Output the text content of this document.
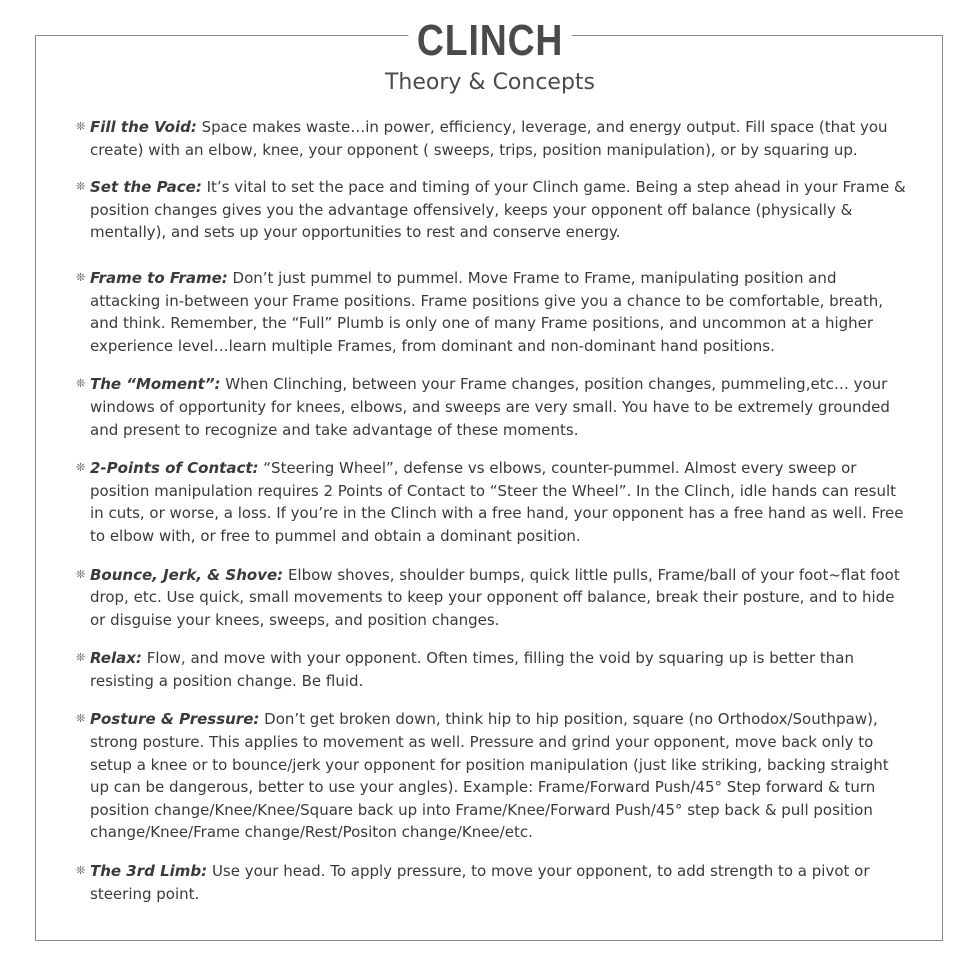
CLINCH
Theory & Concepts
❊ Fill the Void: Space makes waste…in power, efficiency, leverage, and energy output. Fill space (that you create) with an elbow, knee, your opponent ( sweeps, trips, position manipulation), or by squaring up.
❊ Set the Pace: It’s vital to set the pace and timing of your Clinch game. Being a step ahead in your Frame & position changes gives you the advantage offensively, keeps your opponent off balance (physically & mentally), and sets up your opportunities to rest and conserve energy.
❊ Frame to Frame: Don’t just pummel to pummel. Move Frame to Frame, manipulating position and attacking in-between your Frame positions. Frame positions give you a chance to be comfortable, breath, and think. Remember, the “Full” Plumb is only one of many Frame positions, and uncommon at a higher experience level…learn multiple Frames, from dominant and non-dominant hand positions.
❊ The “Moment”: When Clinching, between your Frame changes, position changes, pummeling,etc… your windows of opportunity for knees, elbows, and sweeps are very small. You have to be extremely grounded and present to recognize and take advantage of these moments.
❊ 2-Points of Contact: “Steering Wheel”, defense vs elbows, counter-pummel. Almost every sweep or position manipulation requires 2 Points of Contact to “Steer the Wheel”. In the Clinch, idle hands can result in cuts, or worse, a loss. If you’re in the Clinch with a free hand, your opponent has a free hand as well. Free to elbow with, or free to pummel and obtain a dominant position.
❊ Bounce, Jerk, & Shove: Elbow shoves, shoulder bumps, quick little pulls, Frame/ball of your foot~flat foot drop, etc. Use quick, small movements to keep your opponent off balance, break their posture, and to hide or disguise your knees, sweeps, and position changes.
❊ Relax: Flow, and move with your opponent. Often times, filling the void by squaring up is better than resisting a position change. Be fluid.
❊ Posture & Pressure: Don’t get broken down, think hip to hip position, square (no Orthodox/Southpaw), strong posture. This applies to movement as well. Pressure and grind your opponent, move back only to setup a knee or to bounce/jerk your opponent for position manipulation (just like striking, backing straight up can be dangerous, better to use your angles). Example: Frame/Forward Push/45° Step forward & turn position change/Knee/Knee/Square back up into Frame/Knee/Forward Push/45° step back & pull position change/Knee/Frame change/Rest/Positon change/Knee/etc.
❊ The 3rd Limb: Use your head. To apply pressure, to move your opponent, to add strength to a pivot or steering point.
